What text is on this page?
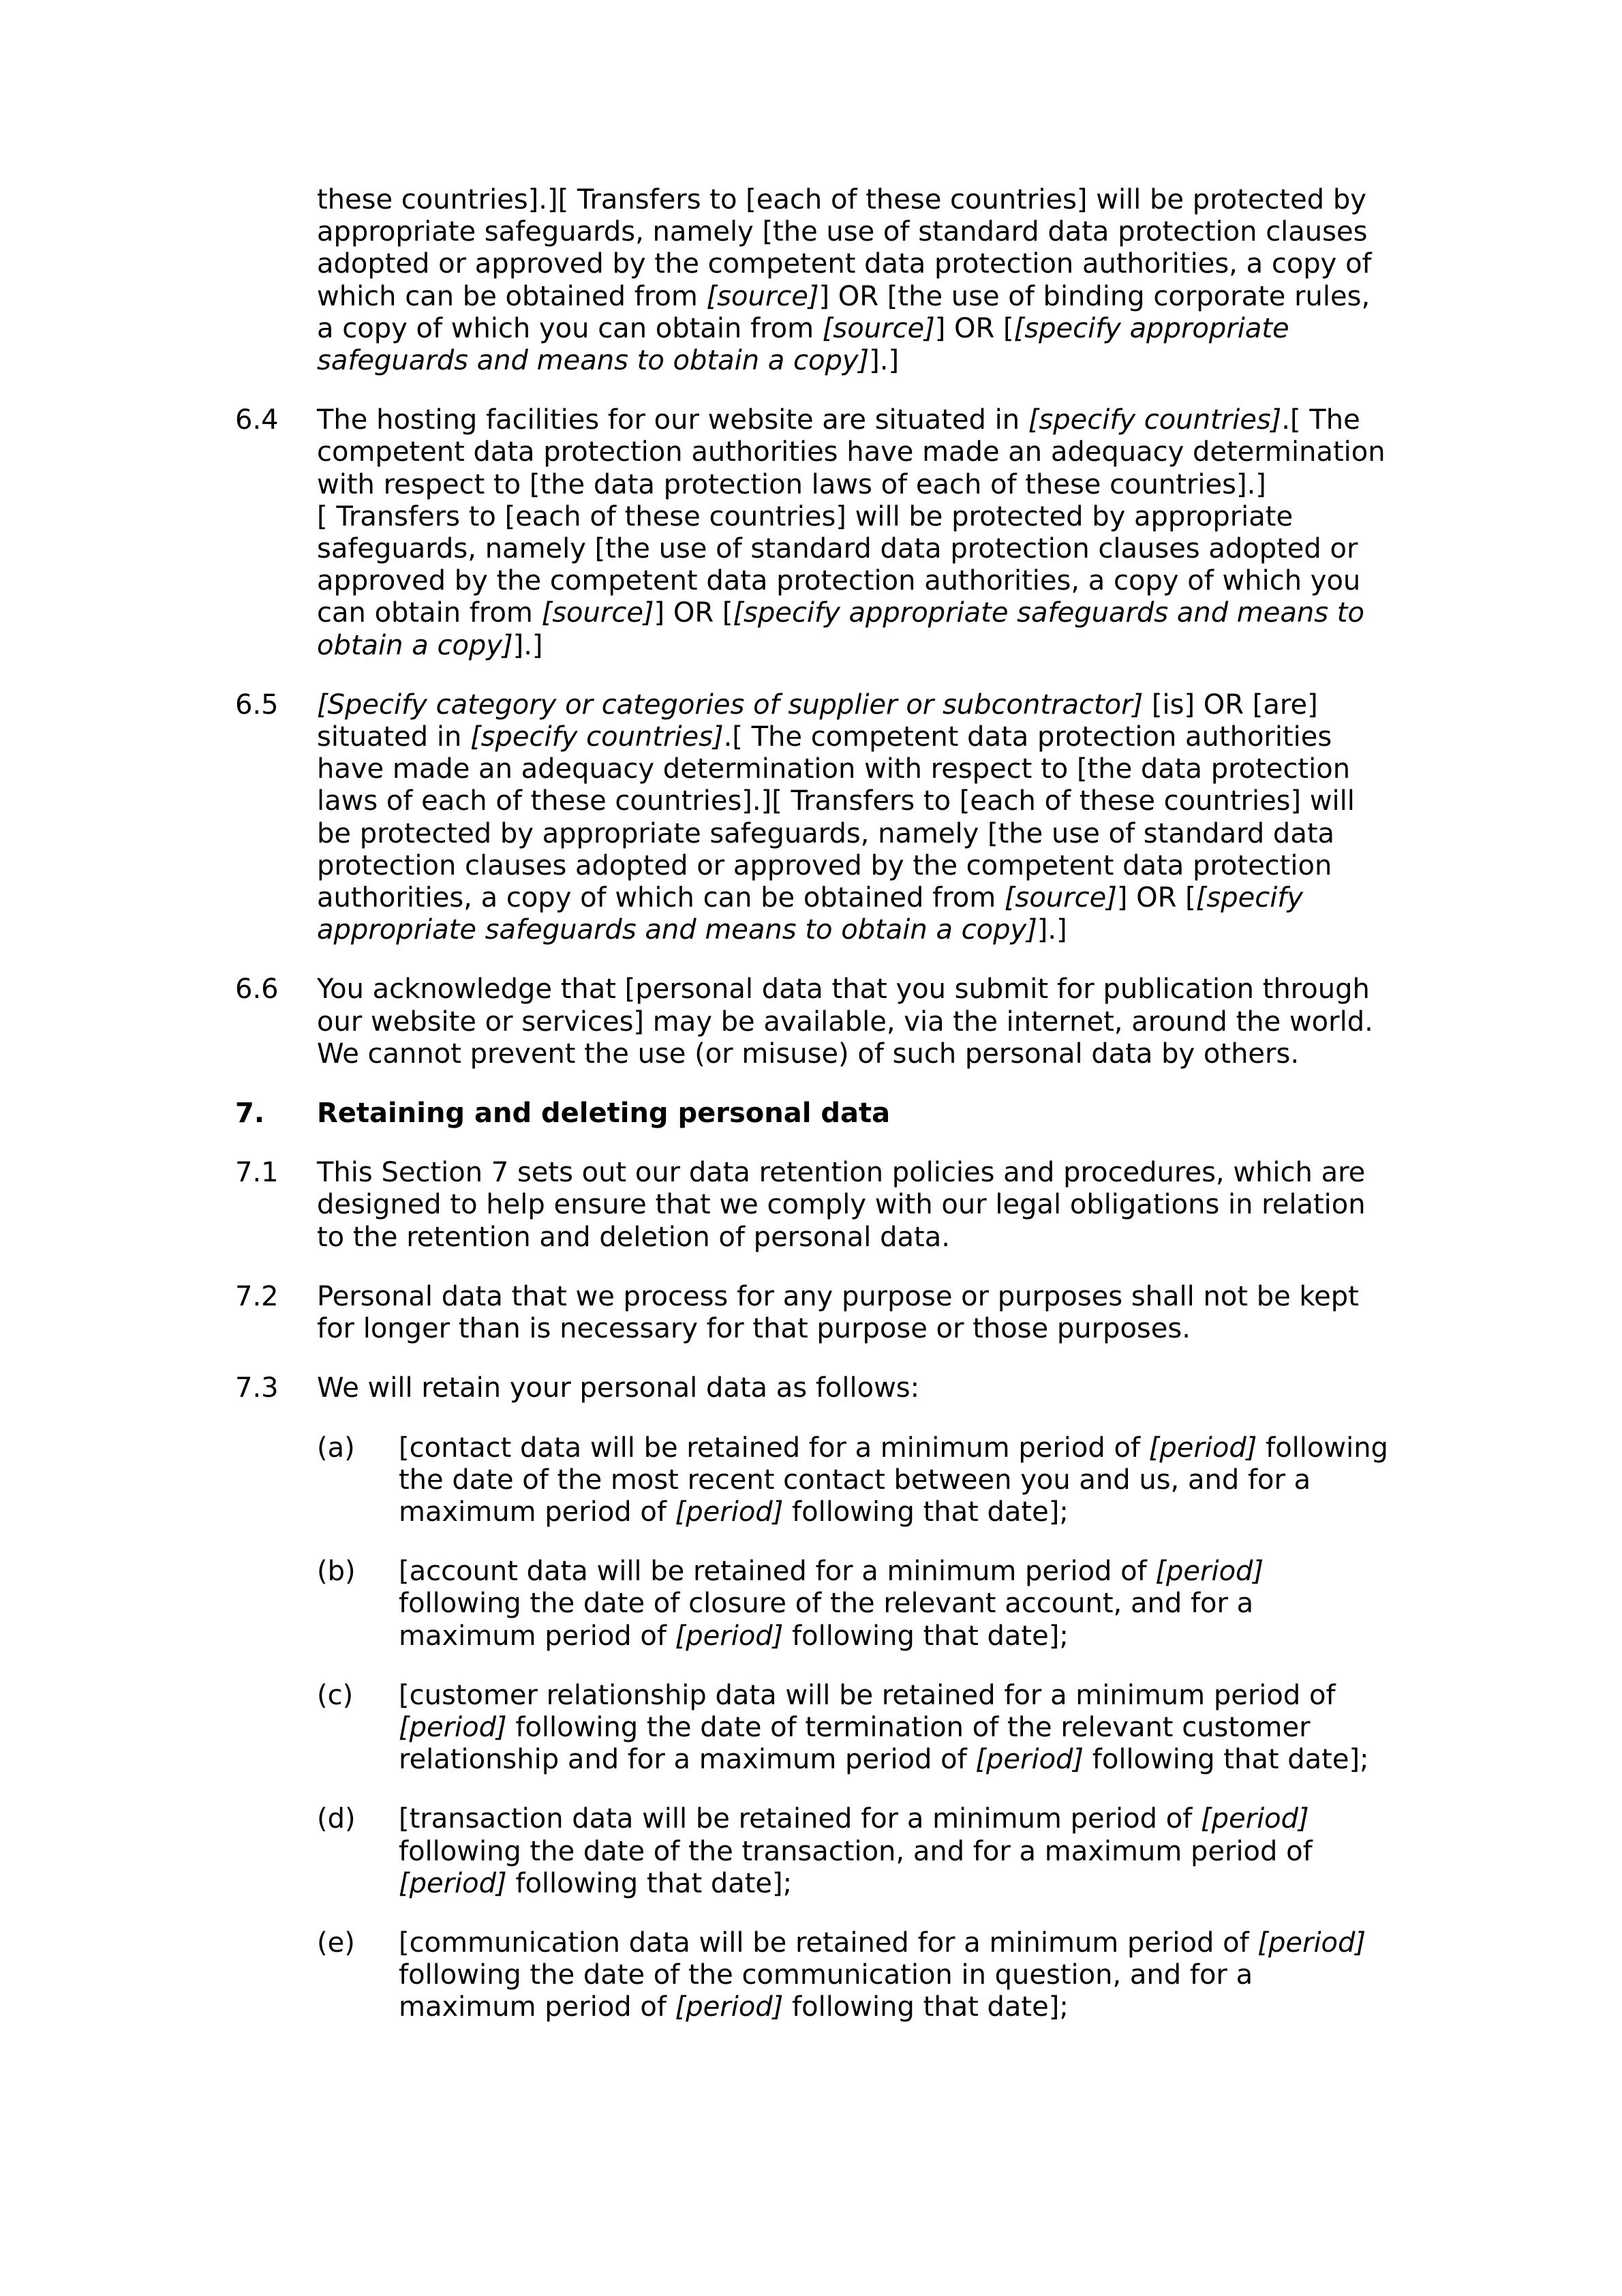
these countries].][ Transfers to [each of these countries] will be protected by
appropriate safeguards, namely [the use of standard data protection clauses
adopted or approved by the competent data protection authorities, a copy of
which can be obtained from [source]] OR [the use of binding corporate rules,
a copy of which you can obtain from [source]] OR [[specify appropriate
safeguards and means to obtain a copy]].]
6.4	The hosting facilities for our website are situated in [specify countries].[ The
competent data protection authorities have made an adequacy determination
with respect to [the data protection laws of each of these countries].]
[ Transfers to [each of these countries] will be protected by appropriate
safeguards, namely [the use of standard data protection clauses adopted or
approved by the competent data protection authorities, a copy of which you
can obtain from [source]] OR [[specify appropriate safeguards and means to
obtain a copy]].]
6.5	[Specify category or categories of supplier or subcontractor] [is] OR [are]
situated in [specify countries].[ The competent data protection authorities
have made an adequacy determination with respect to [the data protection
laws of each of these countries].][ Transfers to [each of these countries] will
be protected by appropriate safeguards, namely [the use of standard data
protection clauses adopted or approved by the competent data protection
authorities, a copy of which can be obtained from [source]] OR [[specify
appropriate safeguards and means to obtain a copy]].]
6.6	You acknowledge that [personal data that you submit for publication through
our website or services] may be available, via the internet, around the world.
We cannot prevent the use (or misuse) of such personal data by others.
7.	Retaining and deleting personal data
7.1	This Section 7 sets out our data retention policies and procedures, which are
designed to help ensure that we comply with our legal obligations in relation
to the retention and deletion of personal data.
7.2	Personal data that we process for any purpose or purposes shall not be kept
for longer than is necessary for that purpose or those purposes.
7.3	We will retain your personal data as follows:
(a)	[contact data will be retained for a minimum period of [period] following
the date of the most recent contact between you and us, and for a
maximum period of [period] following that date];
(b)	[account data will be retained for a minimum period of [period]
following the date of closure of the relevant account, and for a
maximum period of [period] following that date];
(c)	[customer relationship data will be retained for a minimum period of
[period] following the date of termination of the relevant customer
relationship and for a maximum period of [period] following that date];
(d)	[transaction data will be retained for a minimum period of [period]
following the date of the transaction, and for a maximum period of
[period] following that date];
(e)	[communication data will be retained for a minimum period of [period]
following the date of the communication in question, and for a
maximum period of [period] following that date];
